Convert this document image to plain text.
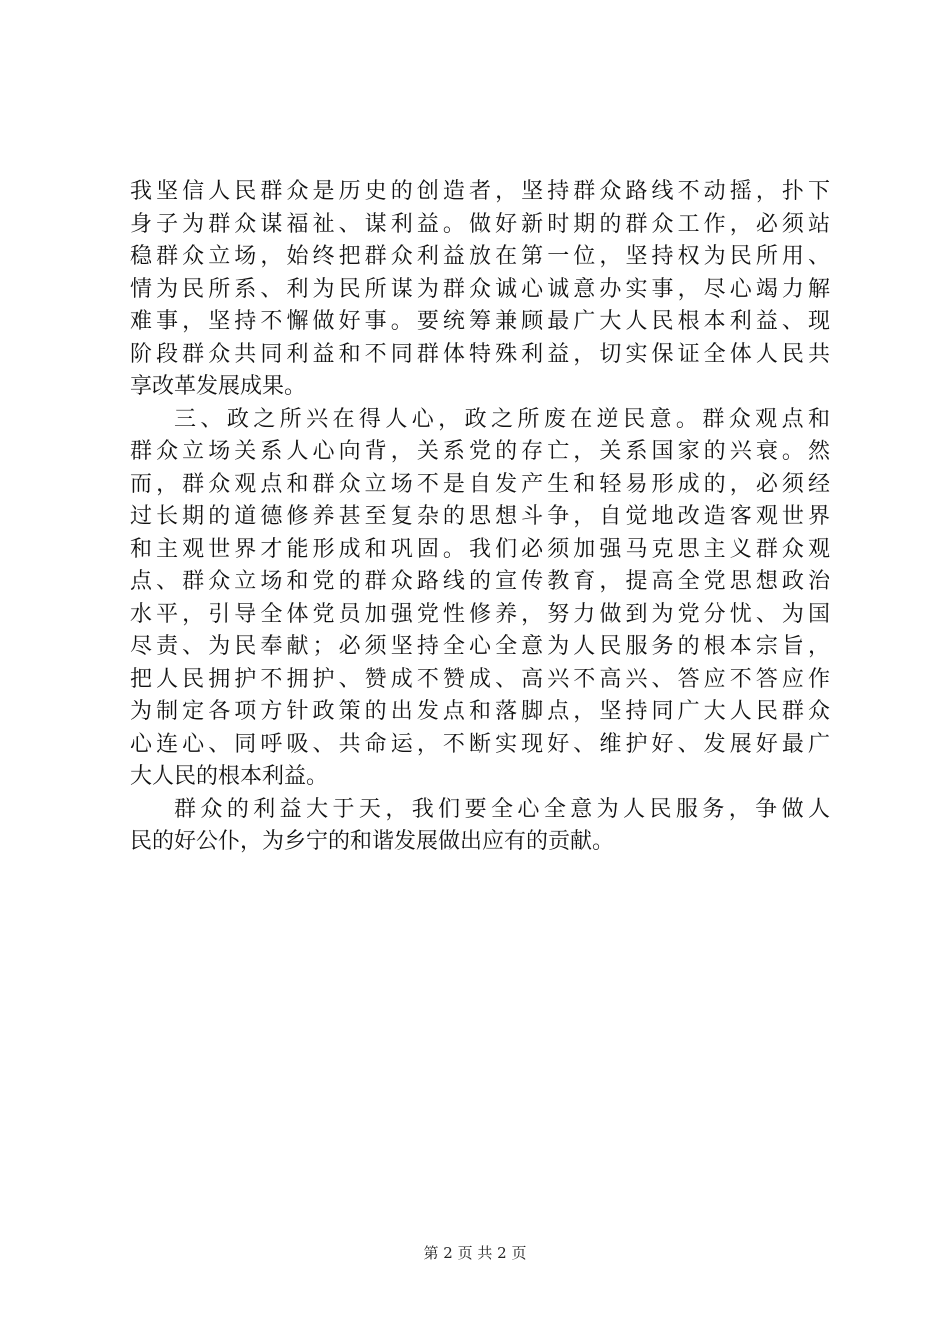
我坚信人民群众是历史的创造者，坚持群众路线不动摇，扑下
身子为群众谋福祉、谋利益。做好新时期的群众工作，必须站
稳群众立场，始终把群众利益放在第一位，坚持权为民所用、
情为民所系、利为民所谋为群众诚心诚意办实事，尽心竭力解
难事，坚持不懈做好事。要统筹兼顾最广大人民根本利益、现
阶段群众共同利益和不同群体特殊利益，切实保证全体人民共
享改革发展成果。
三、政之所兴在得人心，政之所废在逆民意。群众观点和
群众立场关系人心向背，关系党的存亡，关系国家的兴衰。然
而，群众观点和群众立场不是自发产生和轻易形成的，必须经
过长期的道德修养甚至复杂的思想斗争，自觉地改造客观世界
和主观世界才能形成和巩固。我们必须加强马克思主义群众观
点、群众立场和党的群众路线的宣传教育，提高全党思想政治
水平，引导全体党员加强党性修养，努力做到为党分忧、为国
尽责、为民奉献；必须坚持全心全意为人民服务的根本宗旨，
把人民拥护不拥护、赞成不赞成、高兴不高兴、答应不答应作
为制定各项方针政策的出发点和落脚点，坚持同广大人民群众
心连心、同呼吸、共命运，不断实现好、维护好、发展好最广
大人民的根本利益。
群众的利益大于天，我们要全心全意为人民服务，争做人
民的好公仆，为乡宁的和谐发展做出应有的贡献。
第 2 页 共 2 页
